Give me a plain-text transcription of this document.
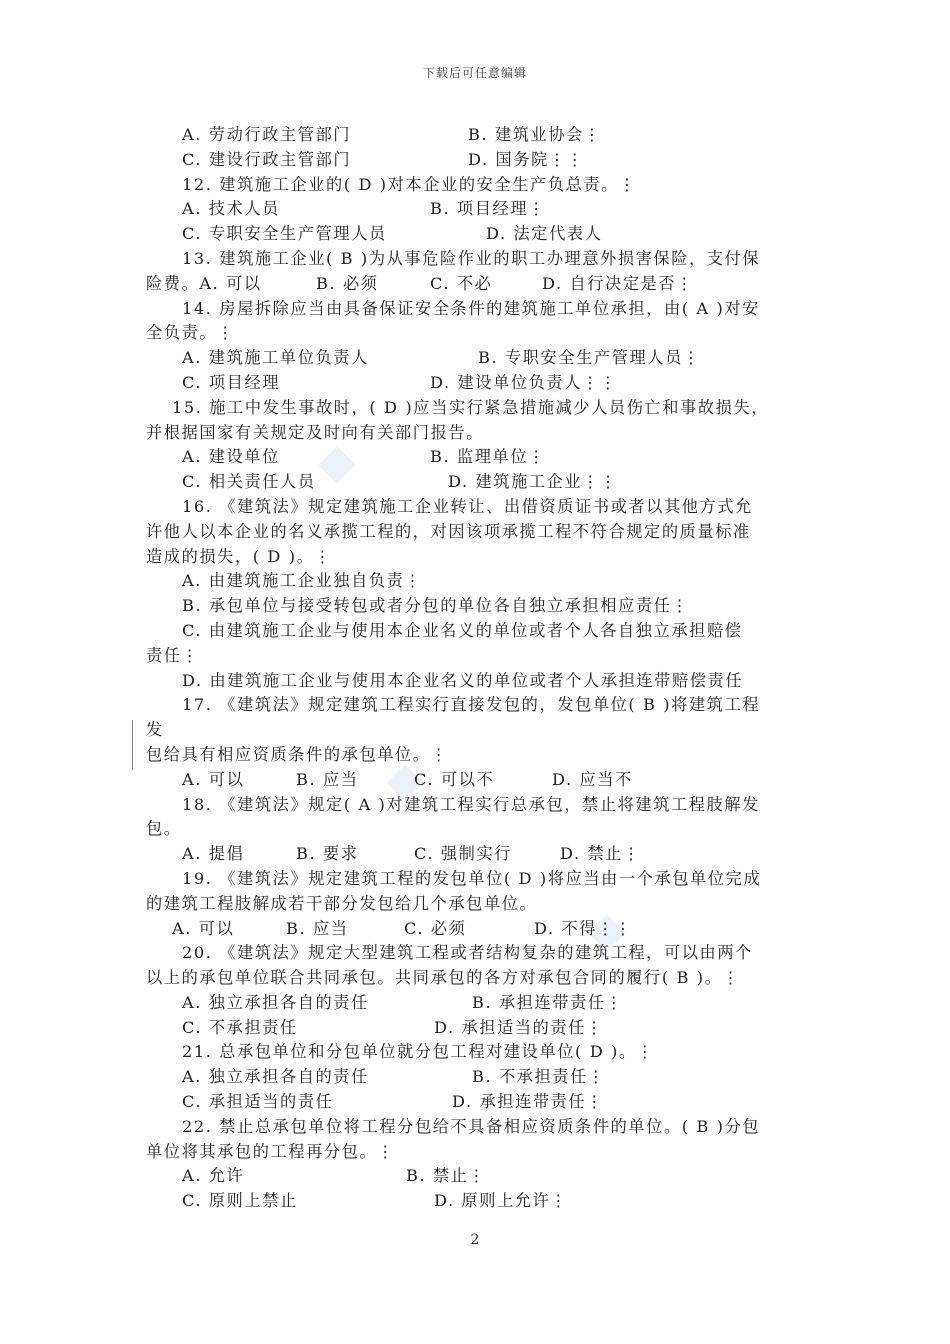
下载后可任意编辑
A. 劳动行政主管部门	B. 建筑业协会⋮
C. 建设行政主管部门	D. 国务院⋮⋮
12. 建筑施工企业的( D )对本企业的安全生产负总责。⋮
A. 技术人员	B. 项目经理⋮
C. 专职安全生产管理人员	D. 法定代表人
13. 建筑施工企业( B )为从事危险作业的职工办理意外损害保险，支付保
险费。A. 可以	B. 必须	C. 不必	D. 自行决定是否⋮
14. 房屋拆除应当由具备保证安全条件的建筑施工单位承担，由( A )对安
全负责。⋮
A. 建筑施工单位负责人	B. 专职安全生产管理人员⋮
C. 项目经理	D. 建设单位负责人⋮⋮
15. 施工中发生事故时，( D )应当实行紧急措施减少人员伤亡和事故损失，
并根据国家有关规定及时向有关部门报告。
A. 建设单位	B. 监理单位⋮
C. 相关责任人员	D. 建筑施工企业⋮⋮
16. 《建筑法》规定建筑施工企业转让、出借资质证书或者以其他方式允
许他人以本企业的名义承揽工程的，对因该项承揽工程不符合规定的质量标准
造成的损失，( D )。⋮
A. 由建筑施工企业独自负责⋮
B. 承包单位与接受转包或者分包的单位各自独立承担相应责任⋮
C. 由建筑施工企业与使用本企业名义的单位或者个人各自独立承担赔偿
责任⋮
D. 由建筑施工企业与使用本企业名义的单位或者个人承担连带赔偿责任
17. 《建筑法》规定建筑工程实行直接发包的，发包单位( B )将建筑工程
发
包给具有相应资质条件的承包单位。⋮
A. 可以	B. 应当	C. 可以不	D. 应当不
18. 《建筑法》规定( A )对建筑工程实行总承包，禁止将建筑工程肢解发
包。
A. 提倡	B. 要求	C. 强制实行	D. 禁止⋮
19. 《建筑法》规定建筑工程的发包单位( D )将应当由一个承包单位完成
的建筑工程肢解成若干部分发包给几个承包单位。
A. 可以	B. 应当	C. 必须	D. 不得⋮⋮
20. 《建筑法》规定大型建筑工程或者结构复杂的建筑工程，可以由两个
以上的承包单位联合共同承包。共同承包的各方对承包合同的履行( B )。⋮
A. 独立承担各自的责任	B. 承担连带责任⋮
C. 不承担责任	D. 承担适当的责任⋮
21. 总承包单位和分包单位就分包工程对建设单位( D )。⋮
A. 独立承担各自的责任	B. 不承担责任⋮
C. 承担适当的责任	D. 承担连带责任⋮
22. 禁止总承包单位将工程分包给不具备相应资质条件的单位。( B )分包
单位将其承包的工程再分包。⋮
A. 允许	B. 禁止⋮
C. 原则上禁止	D. 原则上允许⋮
2
